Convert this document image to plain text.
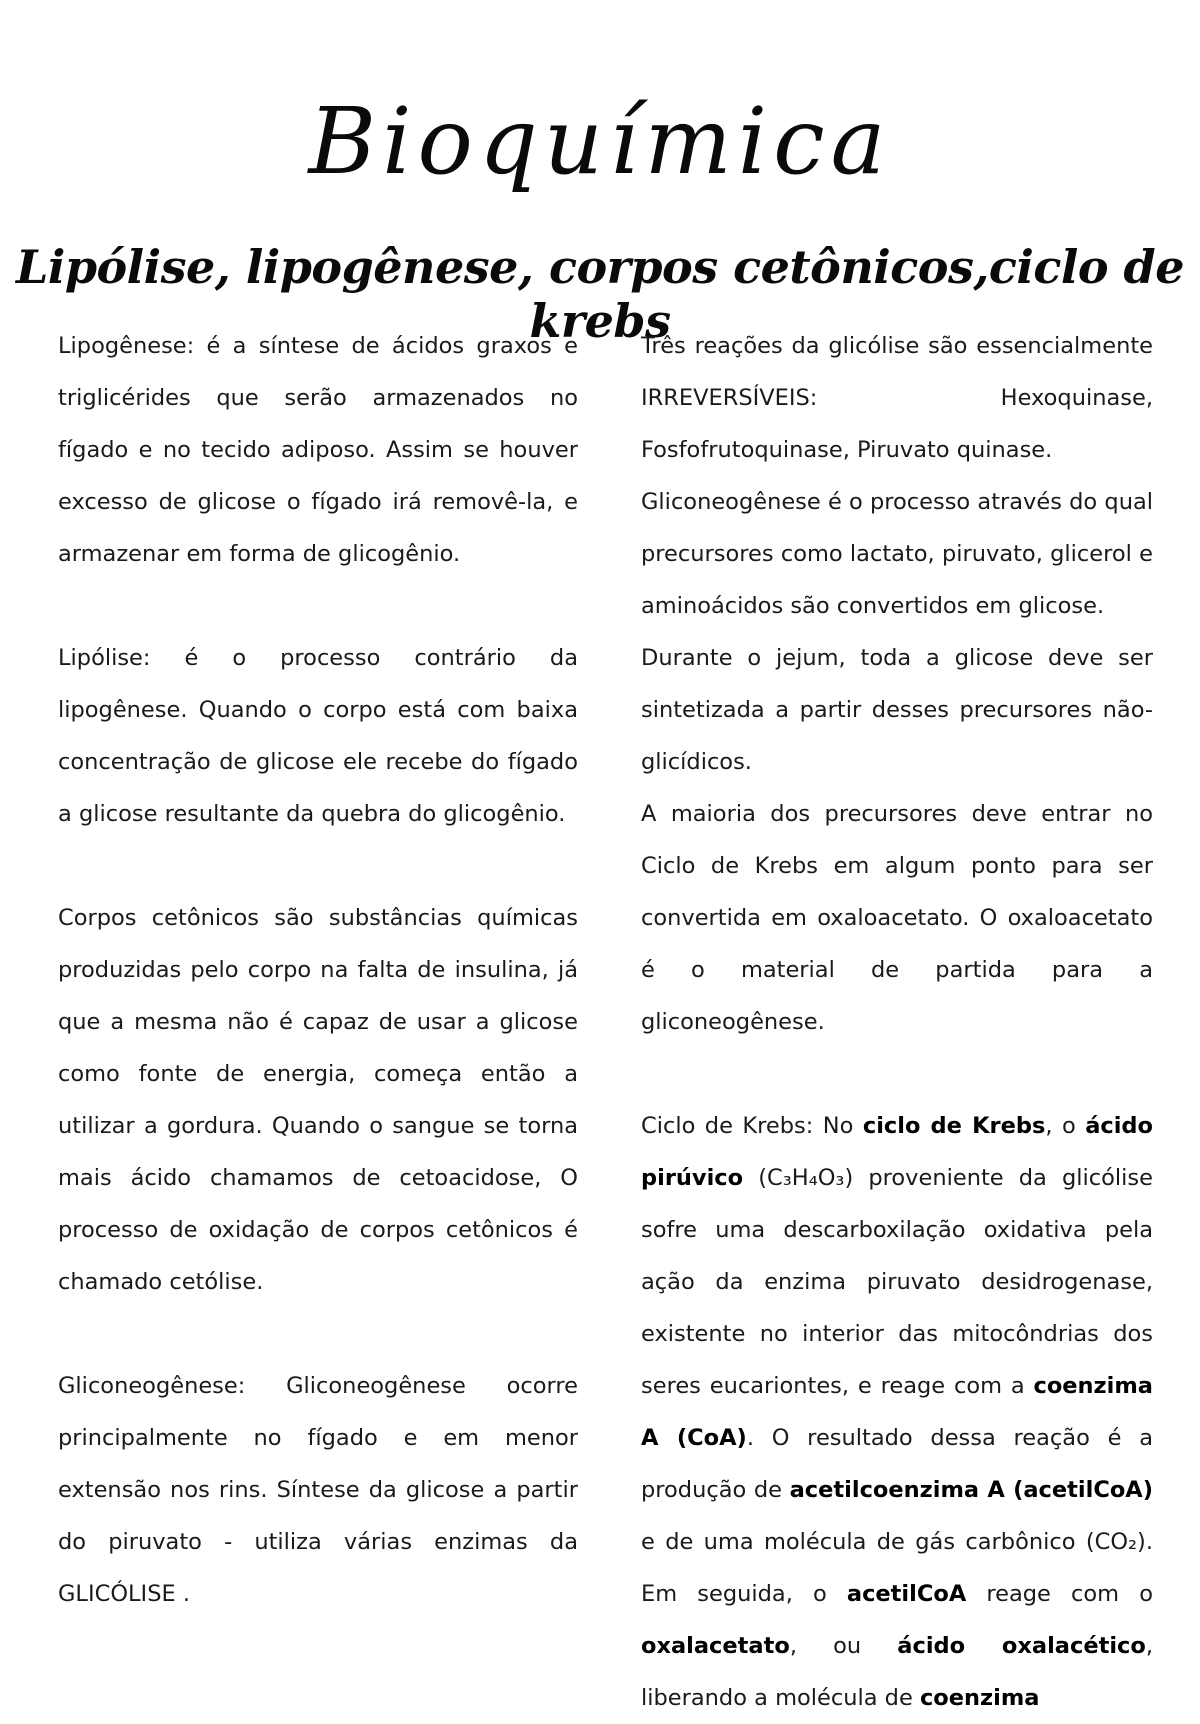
Bioquímica
Lipólise, lipogênese, corpos cetônicos,ciclo de krebs

Lipogênese: é a síntese de ácidos graxos e triglicérides que serão armazenados no fígado e no tecido adiposo. Assim se houver excesso de glicose o fígado irá removê-la, e armazenar em forma de glicogênio.

Lipólise: é o processo contrário da lipogênese. Quando o corpo está com baixa concentração de glicose ele recebe do fígado a glicose resultante da quebra do glicogênio.

Corpos cetônicos são substâncias químicas produzidas pelo corpo na falta de insulina, já que a mesma não é capaz de usar a glicose como fonte de energia, começa então a utilizar a gordura. Quando o sangue se torna mais ácido chamamos de cetoacidose, O processo de oxidação de corpos cetônicos é chamado cetólise.

Gliconeogênese: Gliconeogênese ocorre principalmente no fígado e em menor extensão nos rins. Síntese da glicose a partir do piruvato - utiliza várias enzimas da GLICÓLISE .

Três reações da glicólise são essencialmente IRREVERSÍVEIS: Hexoquinase, Fosfofrutoquinase, Piruvato quinase.

Gliconeogênese é o processo através do qual precursores como lactato, piruvato, glicerol e aminoácidos são convertidos em glicose.

Durante o jejum, toda a glicose deve ser sintetizada a partir desses precursores não-glicídicos.

A maioria dos precursores deve entrar no Ciclo de Krebs em algum ponto para ser convertida em oxaloacetato. O oxaloacetato é o material de partida para a gliconeogênese.

Ciclo de Krebs: No ciclo de Krebs, o ácido pirúvico (C₃H₄O₃) proveniente da glicólise sofre uma descarboxilação oxidativa pela ação da enzima piruvato desidrogenase, existente no interior das mitocôndrias dos seres eucariontes, e reage com a coenzima A (CoA). O resultado dessa reação é a produção de acetilcoenzima A (acetilCoA) e de uma molécula de gás carbônico (CO₂). Em seguida, o acetilCoA reage com o oxalacetato, ou ácido oxalacético, liberando a molécula de coenzima
